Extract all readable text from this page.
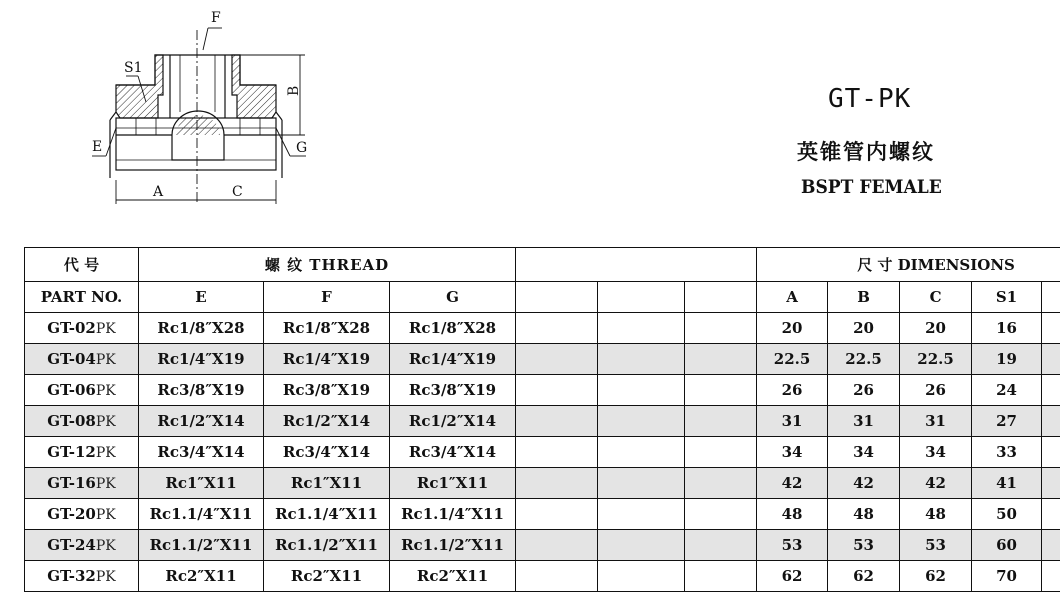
F
S1
E	G
B
A	C
GT-PK
英锥管内螺纹
BSPT FEMALE
代 号	螺 纹 THREAD						尺 寸 DIMENSIONS				
PART NO.	E	F	G				A	B	C	S1	
GT-02PK	Rc1/8″X28	Rc1/8″X28	Rc1/8″X28				20	20	20	16	
GT-04PK	Rc1/4″X19	Rc1/4″X19	Rc1/4″X19				22.5	22.5	22.5	19	
GT-06PK	Rc3/8″X19	Rc3/8″X19	Rc3/8″X19				26	26	26	24	
GT-08PK	Rc1/2″X14	Rc1/2″X14	Rc1/2″X14				31	31	31	27	
GT-12PK	Rc3/4″X14	Rc3/4″X14	Rc3/4″X14				34	34	34	33	
GT-16PK	Rc1″X11	Rc1″X11	Rc1″X11				42	42	42	41	
GT-20PK	Rc1.1/4″X11	Rc1.1/4″X11	Rc1.1/4″X11				48	48	48	50	
GT-24PK	Rc1.1/2″X11	Rc1.1/2″X11	Rc1.1/2″X11				53	53	53	60	
GT-32PK	Rc2″X11	Rc2″X11	Rc2″X11				62	62	62	70	
